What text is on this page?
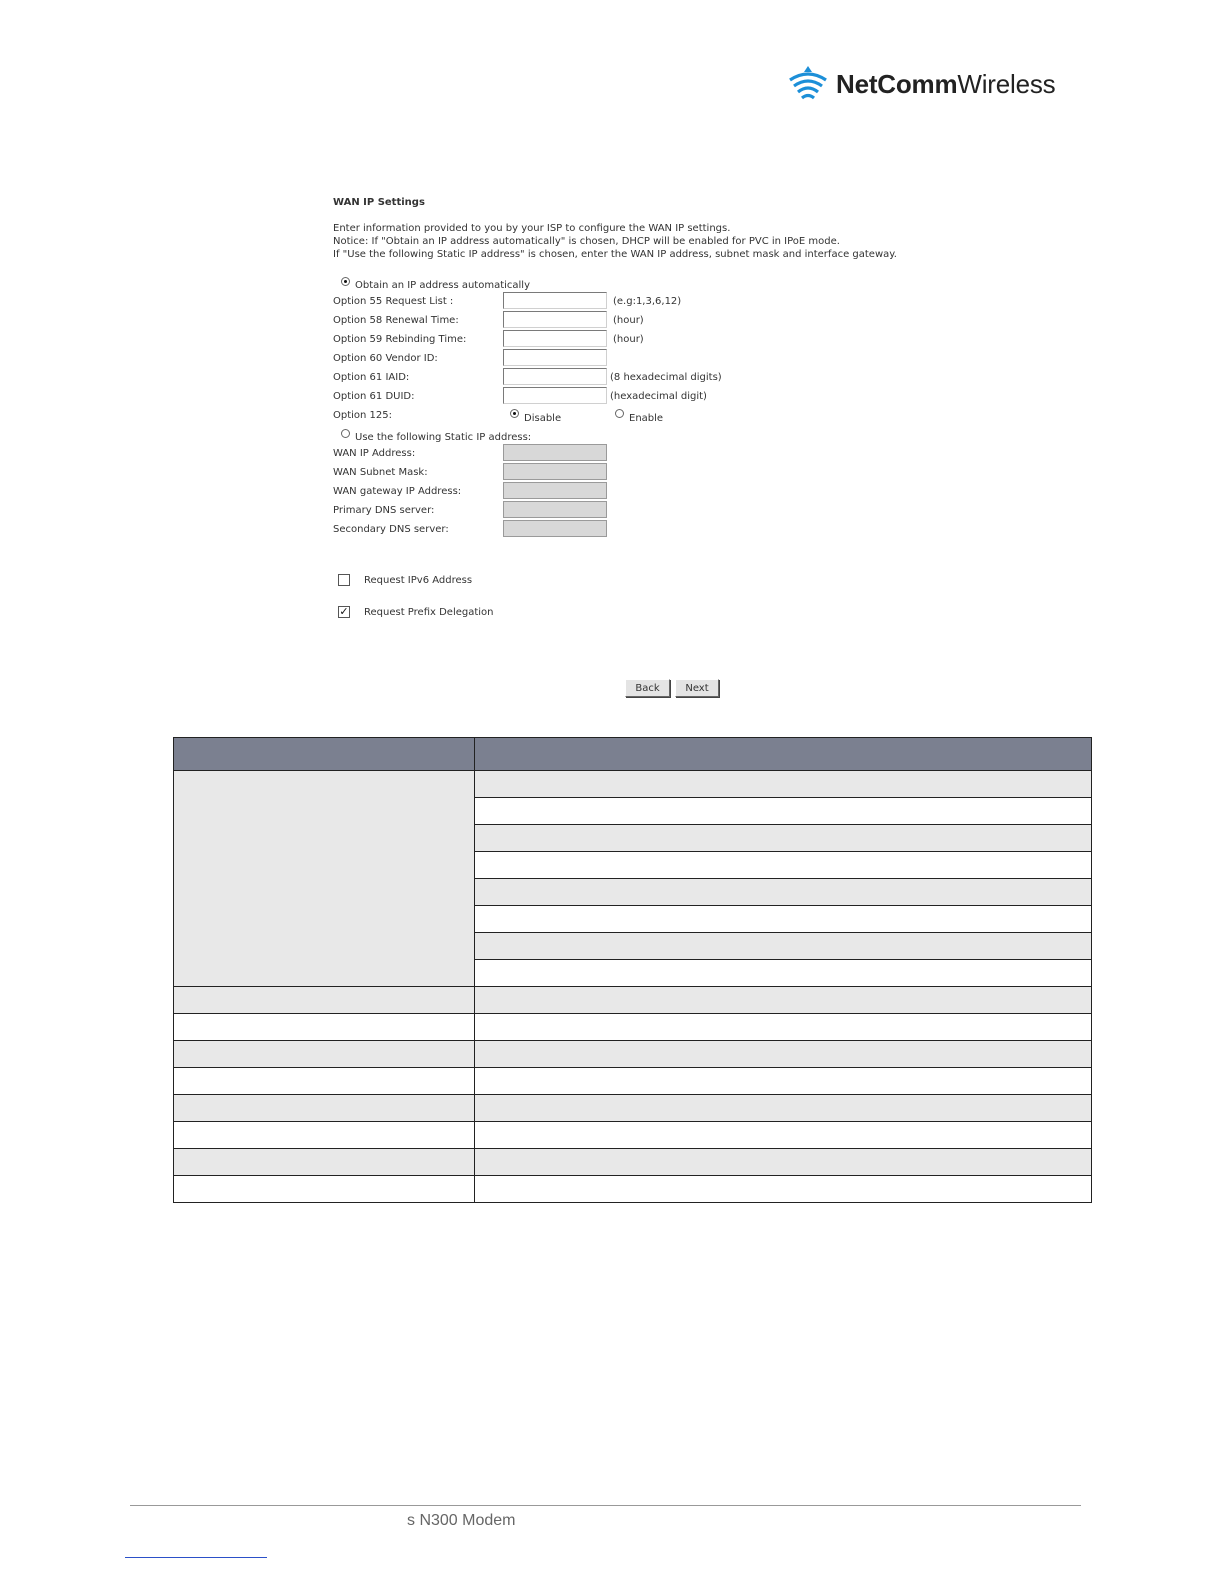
NetCommWireless
WAN IP Settings
Enter information provided to you by your ISP to configure the WAN IP settings.
Notice: If "Obtain an IP address automatically" is chosen, DHCP will be enabled for PVC in IPoE mode.
If "Use the following Static IP address" is chosen, enter the WAN IP address, subnet mask and interface gateway.
Obtain an IP address automatically
Option 55 Request List :	(e.g:1,3,6,12)
Option 58 Renewal Time:	(hour)
Option 59 Rebinding Time:	(hour)
Option 60 Vendor ID:
Option 61 IAID:	(8 hexadecimal digits)
Option 61 DUID:	(hexadecimal digit)
Option 125:	Disable	Enable
Use the following Static IP address:
WAN IP Address:
WAN Subnet Mask:
WAN gateway IP Address:
Primary DNS server:
Secondary DNS server:
Request IPv6 Address
✓ Request Prefix Delegation
Back	Next

s N300 Modem
